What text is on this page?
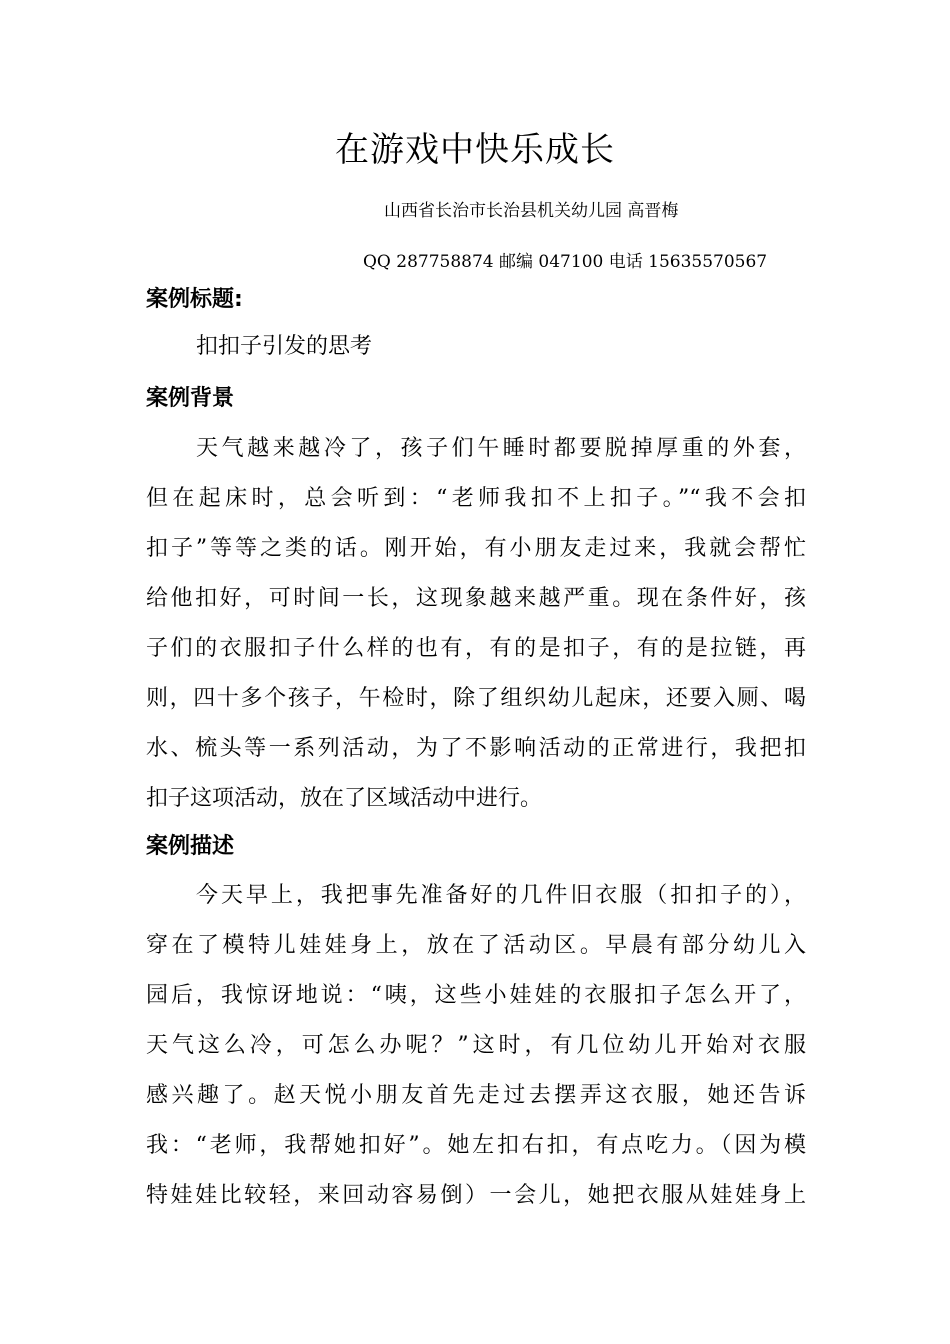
在游戏中快乐成长
山西省长治市长治县机关幼儿园 高晋梅
QQ 287758874 邮编 047100 电话 15635570567
案例标题:
扣扣子引发的思考
案例背景
天气越来越冷了，孩子们午睡时都要脱掉厚重的外套，
但在起床时，总会听到：“老师我扣不上扣子。”“我不会扣
扣子”等等之类的话。刚开始，有小朋友走过来，我就会帮忙
给他扣好，可时间一长，这现象越来越严重。现在条件好，孩
子们的衣服扣子什么样的也有，有的是扣子，有的是拉链，再
则，四十多个孩子，午检时，除了组织幼儿起床，还要入厕、喝
水、梳头等一系列活动，为了不影响活动的正常进行，我把扣
扣子这项活动，放在了区域活动中进行。
案例描述
今天早上，我把事先准备好的几件旧衣服（扣扣子的），
穿在了模特儿娃娃身上，放在了活动区。早晨有部分幼儿入
园后，我惊讶地说：“咦，这些小娃娃的衣服扣子怎么开了，
天气这么冷，可怎么办呢？”这时，有几位幼儿开始对衣服
感兴趣了。赵天悦小朋友首先走过去摆弄这衣服，她还告诉
我：“老师，我帮她扣好”。她左扣右扣，有点吃力。（因为模
特娃娃比较轻，来回动容易倒）一会儿，她把衣服从娃娃身上
